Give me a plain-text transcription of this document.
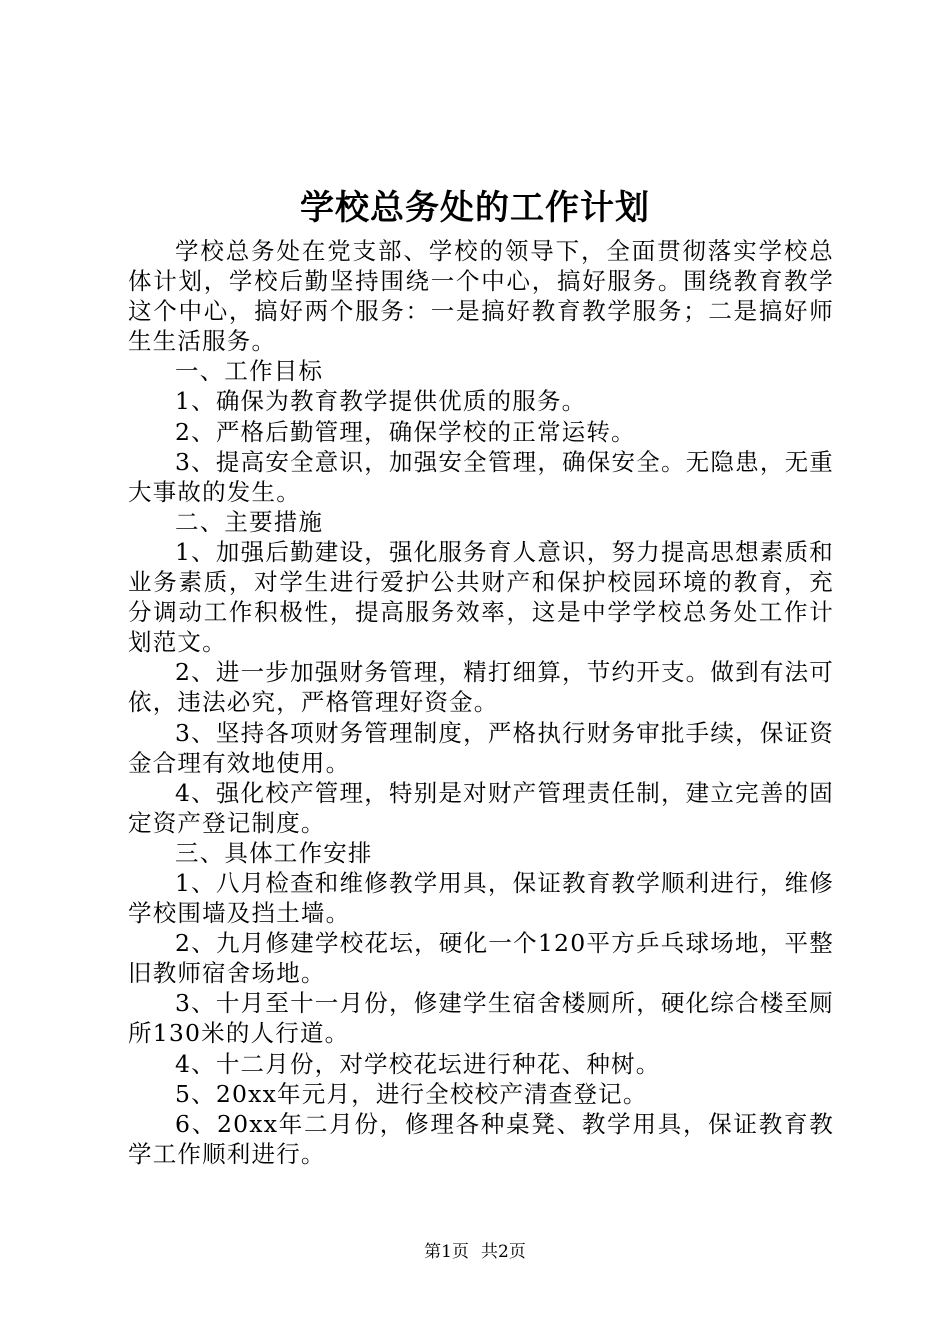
学校总务处的工作计划

学校总务处在党支部、学校的领导下，全面贯彻落实学校总体计划，学校后勤坚持围绕一个中心，搞好服务。围绕教育教学这个中心，搞好两个服务：一是搞好教育教学服务；二是搞好师生生活服务。

一、工作目标

1、确保为教育教学提供优质的服务。

2、严格后勤管理，确保学校的正常运转。

3、提高安全意识，加强安全管理，确保安全。无隐患，无重大事故的发生。

二、主要措施

1、加强后勤建设，强化服务育人意识，努力提高思想素质和业务素质，对学生进行爱护公共财产和保护校园环境的教育，充分调动工作积极性，提高服务效率，这是中学学校总务处工作计划范文。

2、进一步加强财务管理，精打细算，节约开支。做到有法可依，违法必究，严格管理好资金。

3、坚持各项财务管理制度，严格执行财务审批手续，保证资金合理有效地使用。

4、强化校产管理，特别是对财产管理责任制，建立完善的固定资产登记制度。

三、具体工作安排

1、八月检查和维修教学用具，保证教育教学顺利进行，维修学校围墙及挡土墙。

2、九月修建学校花坛，硬化一个120平方乒乓球场地，平整旧教师宿舍场地。

3、十月至十一月份，修建学生宿舍楼厕所，硬化综合楼至厕所130米的人行道。

4、十二月份，对学校花坛进行种花、种树。

5、20xx年元月，进行全校校产清查登记。

6、20xx年二月份，修理各种桌凳、教学用具，保证教育教学工作顺利进行。

第1页 共2页
